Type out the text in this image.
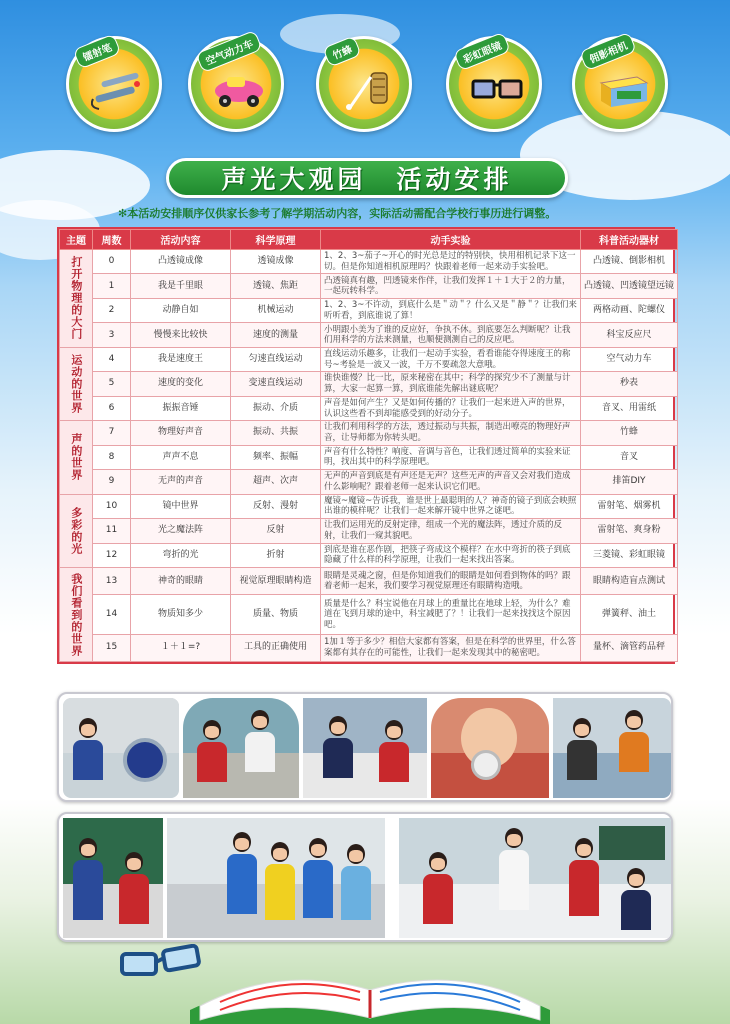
镭射笔	空气动力车	竹蜂	彩虹眼镜	佣影相机
声光大观园 活动安排
✻本活动安排顺序仅供家长参考了解学期活动内容，实际活动需配合学校行事历进行调整。
主题	周数	活动内容	科学原理	动手实验	科普活动器材
打开物理的大门	0	凸透镜成像	透镜成像	1、2、3~茄子~开心的时光总是过的特别快，快用相机记录下这一切。但是你知道相机原理吗？快跟着老师一起来动手实验吧。	凸透镜、倒影相机
	1	我是千里眼	透镜、焦距	凸透镜真有趣，凹透镜来作伴，让我们发挥１＋１大于２的力量，一起玩转科学。	凸透镜、凹透镜望远镜
	2	动静自如	机械运动	1、2、3~不许动，到底什么是＂动＂？什么又是＂静＂？让我们来听听看，到底谁说了算！	两格动画、陀螺仪
	3	慢慢来比较快	速度的测量	小明跟小美为了谁的反应好，争执不休。到底要怎么判断呢？让我们用科学的方法来测量，也顺便测测自己的反应吧。	科宝反应尺
运动的世界	4	我是速度王	匀速直线运动	直线运动乐趣多，让我们一起动手实验，看看谁能夺得速度王的称号~考验是一波又一波，千万不要疏忽大意哦。	空气动力车
	5	速度的变化	变速直线运动	谁快谁慢？比一比，原来秘密在其中；科学的探究少不了测量与计算，大家一起算一算，到底谁能先解出谜底呢？	秒表
	6	振振音锤	振动、介质	声音是如何产生？又是如何传播的？让我们一起来进入声的世界，认识这些看不到却能感受到的好动分子。	音叉、用雷纸
声的世界	7	物理好声音	振动、共振	让我们利用科学的方法，透过振动与共振，制造出嘹亮的物理好声音，让导师都为你转头吧。	竹蜂
	8	声声不息	频率、振幅	声音有什么特性？响度、音调与音色，让我们透过简单的实验来证明，找出其中的科学原理吧。	音叉
	9	无声的声音	超声、次声	无声的声音到底是有声还是无声？这些无声的声音又会对我们造成什么影响呢？跟着老师一起来认识它们吧。	排笛DIY
多彩的光	10	镜中世界	反射、漫射	魔镜~魔镜~告诉我，谁是世上最聪明的人？神奇的镜子到底会映照出谁的模样呢？让我们一起来解开镜中世界之谜吧。	雷射笔、烟雾机
	11	光之魔法阵	反射	让我们运用光的反射定律，组成一个光的魔法阵，透过介质的反射，让我们一窥其貌吧。	雷射笔、爽身粉
	12	弯折的光	折射	到底是谁在恶作剧，把筷子弯成这个模样？在水中弯折的筷子到底隐藏了什么样的科学原理，让我们一起来找出答案。	三菱镜、彩虹眼镜
我们看到的世界	13	神奇的眼睛	视觉原理眼睛构造	眼睛是灵魂之窗，但是你知道我们的眼睛是如何看到物体的吗？跟着老师一起来，我们要学习视觉原理还有眼睛构造哦。	眼睛构造盲点测试
	14	物质知多少	质量、物质	质量是什么？科宝说他在月球上的重量比在地球上轻，为什么？难道在飞到月球的途中，科宝减肥了？！让我们一起来找找这个原因吧。	弹簧秤、油土
	15	１＋１=?	工具的正确使用	1加１等于多少？相信大家都有答案，但是在科学的世界里，什么答案都有其存在的可能性，让我们一起来发现其中的秘密吧。	量杯、滴管药品秤
